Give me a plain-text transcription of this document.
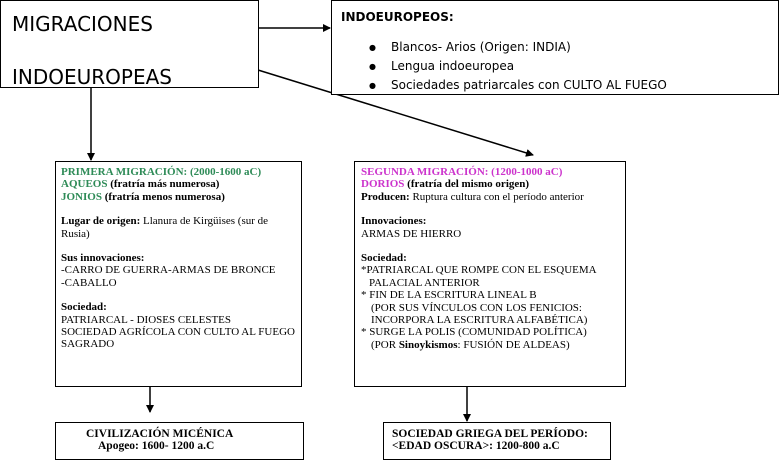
MIGRACIONES

INDOEUROPEAS

INDOEUROPEOS:

● Blancos- Arios (Origen: INDIA)
● Lengua indoeuropea
● Sociedades patriarcales con CULTO AL FUEGO

PRIMERA MIGRACIÓN: (2000-1600 aC)

AQUEOS (fratría más numerosa)

JONIOS (fratría menos numerosa)

Lugar de origen: Llanura de Kirgüises (sur de Rusia)

Sus innovaciones:

-CARRO DE GUERRA-ARMAS DE BRONCE

-CABALLO

Sociedad:

PATRIARCAL - DIOSES CELESTES

SOCIEDAD AGRÍCOLA CON CULTO AL FUEGO SAGRADO

SEGUNDA MIGRACIÓN: (1200-1000 aC)

DORIOS (fratría del mismo origen)

Producen: Ruptura cultura con el período anterior

Innovaciones:

ARMAS DE HIERRO

Sociedad:

*PATRIARCAL QUE ROMPE CON EL ESQUEMA

PALACIAL ANTERIOR

* FIN DE LA ESCRITURA LINEAL B

(POR SUS VÍNCULOS CON LOS FENICIOS:

INCORPORA LA ESCRITURA ALFABÉTICA)

* SURGE LA POLIS (COMUNIDAD POLÍTICA)

(POR Sinoykismos: FUSIÓN DE ALDEAS)

CIVILIZACIÓN MICÉNICA

Apogeo: 1600- 1200 a.C

SOCIEDAD GRIEGA DEL PERÍODO:

<EDAD OSCURA>: 1200-800 a.C
